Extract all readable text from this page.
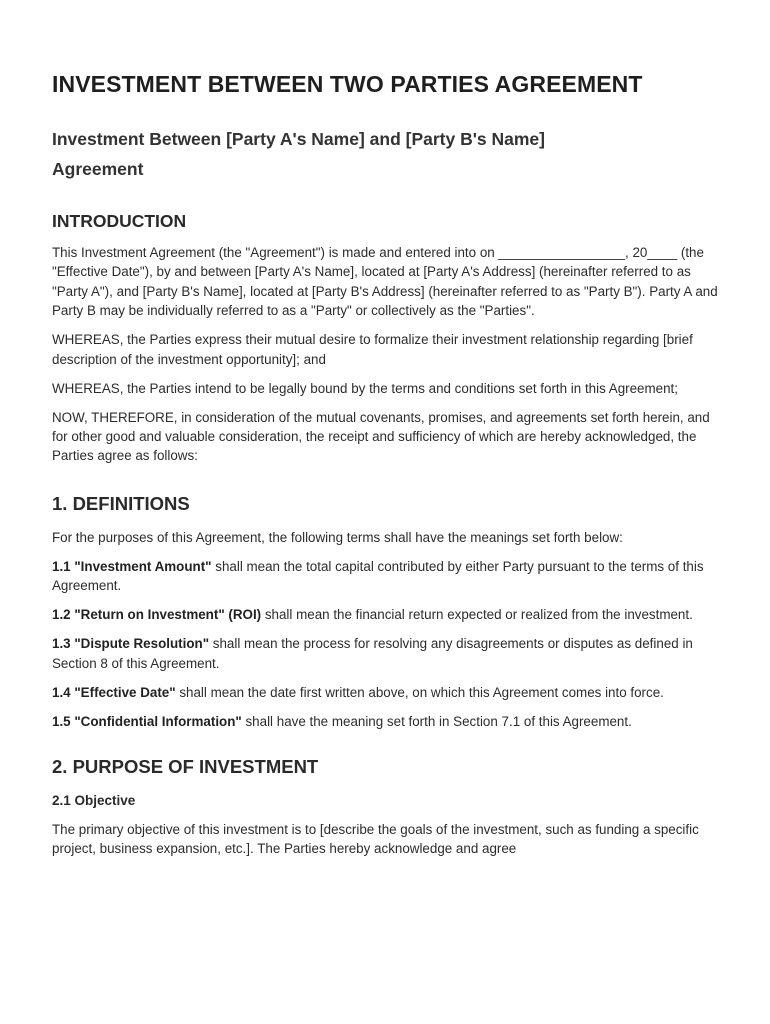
INVESTMENT BETWEEN TWO PARTIES AGREEMENT
Investment Between [Party A's Name] and [Party B's Name]
Agreement
INTRODUCTION

This Investment Agreement (the "Agreement") is made and entered into on _________________, 20____ (the "Effective Date"), by and between [Party A's Name], located at [Party A's Address] (hereinafter referred to as "Party A"), and [Party B's Name], located at [Party B's Address] (hereinafter referred to as "Party B"). Party A and Party B may be individually referred to as a "Party" or collectively as the "Parties".

WHEREAS, the Parties express their mutual desire to formalize their investment relationship regarding [brief description of the investment opportunity]; and

WHEREAS, the Parties intend to be legally bound by the terms and conditions set forth in this Agreement;

NOW, THEREFORE, in consideration of the mutual covenants, promises, and agreements set forth herein, and for other good and valuable consideration, the receipt and sufficiency of which are hereby acknowledged, the Parties agree as follows:

1. DEFINITIONS

For the purposes of this Agreement, the following terms shall have the meanings set forth below:

1.1 "Investment Amount" shall mean the total capital contributed by either Party pursuant to the terms of this Agreement.

1.2 "Return on Investment" (ROI) shall mean the financial return expected or realized from the investment.

1.3 "Dispute Resolution" shall mean the process for resolving any disagreements or disputes as defined in Section 8 of this Agreement.

1.4 "Effective Date" shall mean the date first written above, on which this Agreement comes into force.

1.5 "Confidential Information" shall have the meaning set forth in Section 7.1 of this Agreement.

2. PURPOSE OF INVESTMENT
2.1 Objective

The primary objective of this investment is to [describe the goals of the investment, such as funding a specific project, business expansion, etc.]. The Parties hereby acknowledge and agree
